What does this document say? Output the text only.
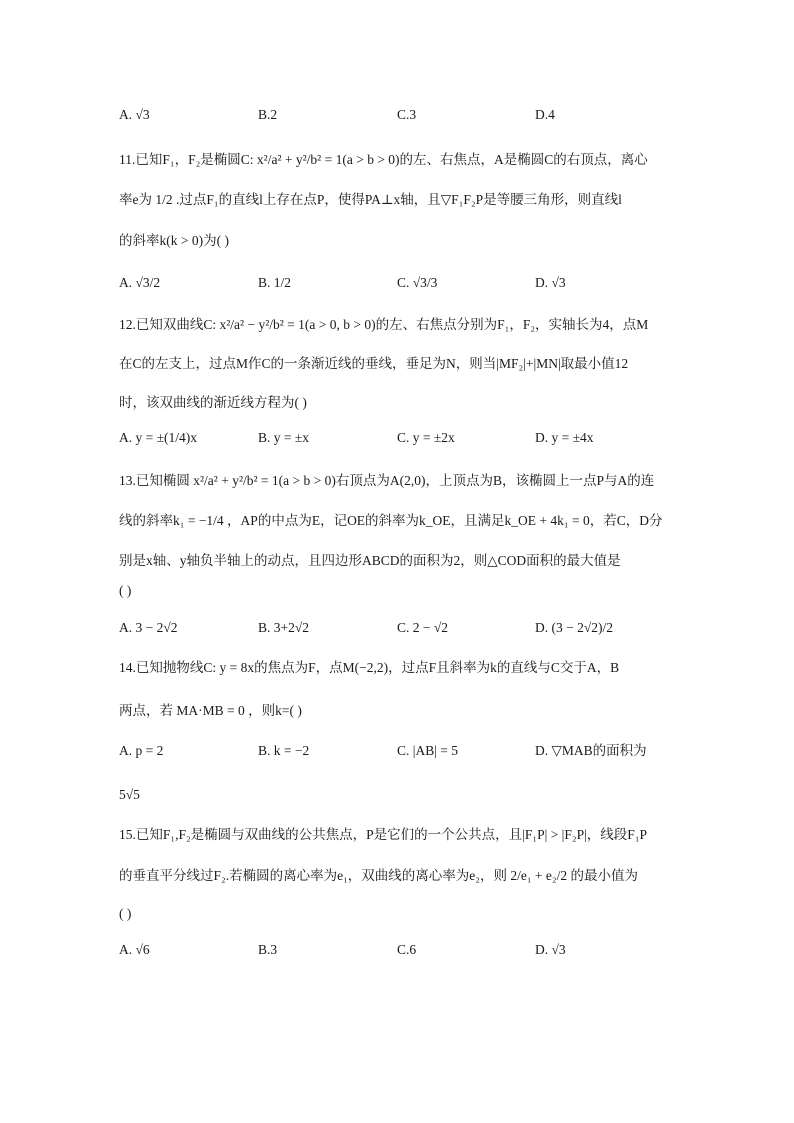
A. √3	B.2	C.3	D.4
11.已知F₁，F₂是椭圆C: x²/a² + y²/b² = 1(a > b > 0)的左、右焦点，A是椭圆C的右顶点，离心
率e为 1/2 .过点F₁的直线l上存在点P，使得PA⊥x轴，且▽F₁F₂P是等腰三角形，则直线l
的斜率k(k > 0)为( )
A. √3/2	B. 1/2	C. √3/3	D. √3
12.已知双曲线C: x²/a² − y²/b² = 1(a > 0, b > 0)的左、右焦点分别为F₁，F₂，实轴长为4，点M
在C的左支上，过点M作C的一条渐近线的垂线，垂足为N，则当|MF₂|+|MN|取最小值12
时，该双曲线的渐近线方程为( )
A. y = ±(1/4)x	B. y = ±x	C. y = ±2x	D. y = ±4x
13.已知椭圆 x²/a² + y²/b² = 1(a > b > 0)右顶点为A(2,0)，上顶点为B，该椭圆上一点P与A的连
线的斜率k₁ = −1/4 ，AP的中点为E，记OE的斜率为k_OE，且满足k_OE + 4k₁ = 0，若C，D分
别是x轴、y轴负半轴上的动点，且四边形ABCD的面积为2，则△COD面积的最大值是
( )
A. 3 − 2√2	B. 3+2√2	C. 2 − √2	D. (3 − 2√2)/2
14.已知抛物线C: y = 8x的焦点为F，点M(−2,2)，过点F且斜率为k的直线与C交于A，B
两点，若 MA·MB = 0 ，则k=( )
A. p = 2	B. k = −2	C. |AB| = 5	D. ▽MAB的面积为
5√5
15.已知F₁,F₂是椭圆与双曲线的公共焦点，P是它们的一个公共点，且|F₁P| > |F₂P|，线段F₁P
的垂直平分线过F₂.若椭圆的离心率为e₁，双曲线的离心率为e₂，则 2/e₁ + e₂/2 的最小值为
( )
A. √6	B.3	C.6	D. √3
